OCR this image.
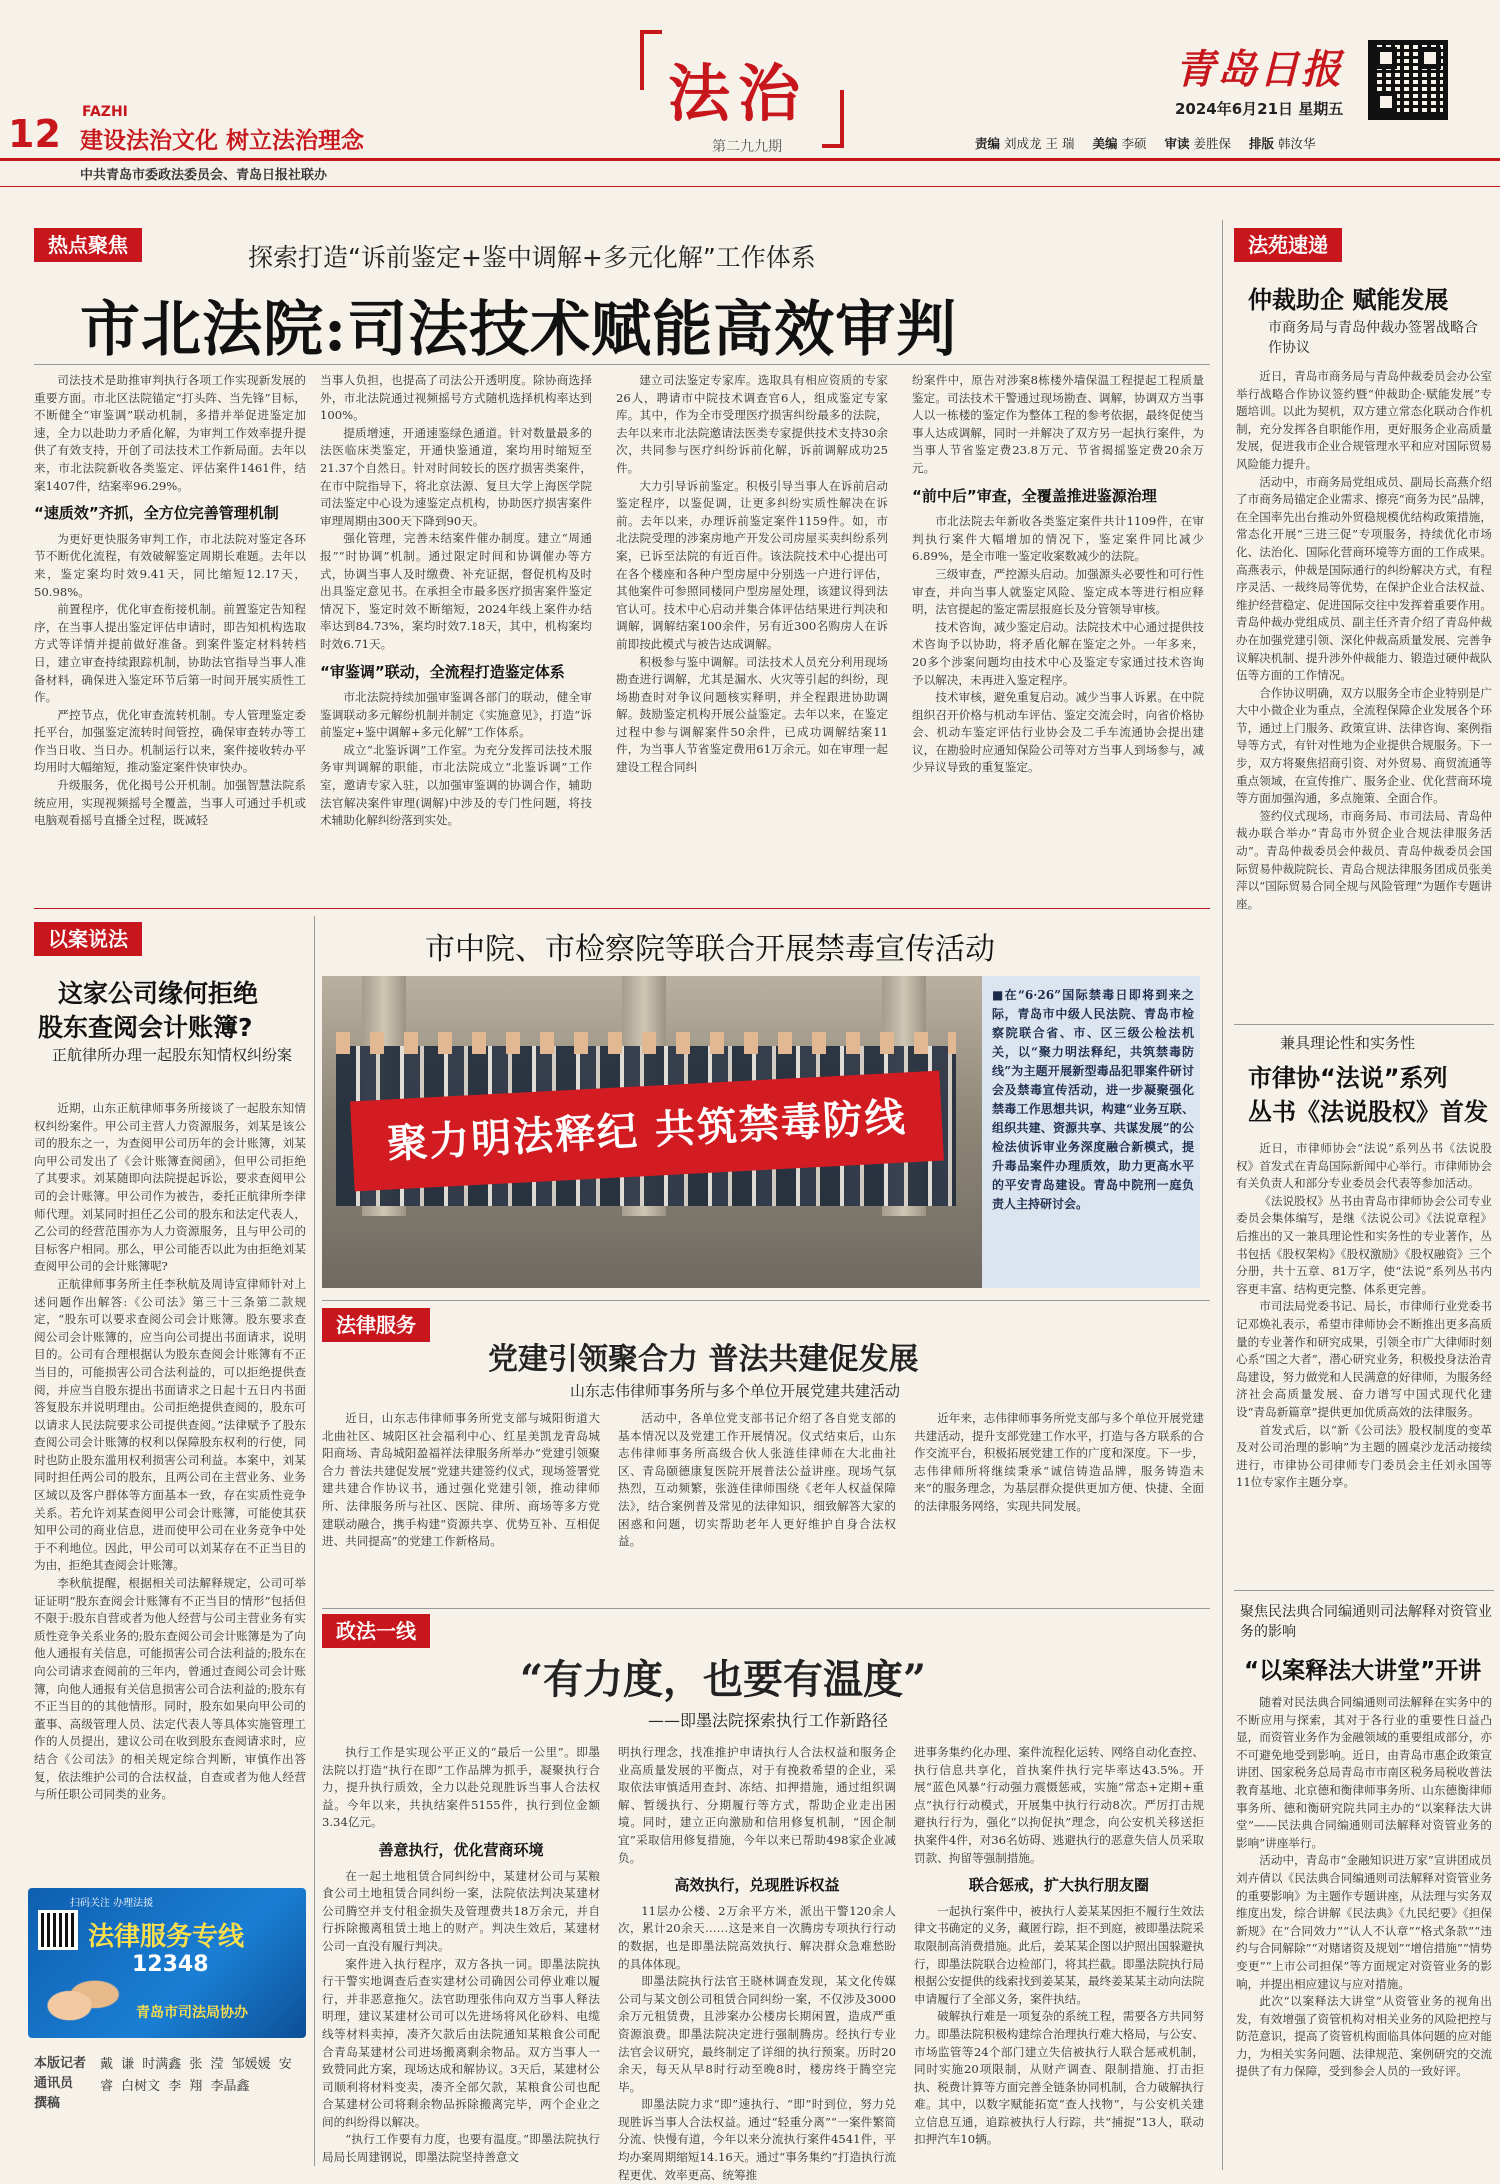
12 FAZHI
建设法治文化 树立法治理念
法治
第二九九期
青岛日报
2024年6月21日 星期五
责编 刘成龙 王 瑞 美编 李硕 审读 姜胜保 排版 韩汝华
中共青岛市委政法委员会、青岛日报社联办
热点聚焦	探索打造“诉前鉴定+鉴中调解+多元化解”工作体系
市北法院:司法技术赋能高效审判

司法技术是助推审判执行各项工作实现新发展的重要方面。市北区法院锚定“打头阵、当先锋”目标，不断健全“审鉴调”联动机制，多措并举促进鉴定加速，全力以赴助力矛盾化解，为审判工作效率提升提供了有效支持，开创了司法技术工作新局面。去年以来，市北法院新收各类鉴定、评估案件1461件，结案1407件，结案率96.29%。

“速质效”齐抓，全方位完善管理机制

为更好更快服务审判工作，市北法院对鉴定各环节不断优化流程，有效破解鉴定周期长难题。去年以来，鉴定案均时效9.41天，同比缩短12.17天，50.98%。

前置程序，优化审查衔接机制。前置鉴定告知程序，在当事人提出鉴定评估申请时，即告知机构选取方式等详情并提前做好准备。到案件鉴定材料转档日，建立审查持续跟踪机制，协助法官指导当事人准备材料，确保进入鉴定环节后第一时间开展实质性工作。

严控节点，优化审查流转机制。专人管理鉴定委托平台，加强鉴定流转时间管控，确保审查转办等工作当日收、当日办。机制运行以来，案件接收转办平均用时大幅缩短，推动鉴定案件快审快办。

升级服务，优化揭号公开机制。加强智慧法院系统应用，实现视频摇号全覆盖，当事人可通过手机或电脑观看摇号直播全过程，既减轻

当事人负担，也提高了司法公开透明度。除协商选择外，市北法院通过视频摇号方式随机选择机构率达到100%。

提质增速，开通速鉴绿色通道。针对数量最多的法医临床类鉴定，开通快鉴通道，案均用时缩短至21.37个自然日。针对时间较长的医疗损害类案件，在市中院指导下，将北京法源、复旦大学上海医学院司法鉴定中心设为速鉴定点机构，协助医疗损害案件审理周期由300天下降到90天。

强化管理，完善未结案件催办制度。建立“周通报”“时协调”机制。通过限定时间和协调催办等方式，协调当事人及时缴费、补充证据，督促机构及时出具鉴定意见书。在承担全市最多医疗损害案件鉴定情况下，鉴定时效不断缩短，2024年线上案件办结率达到84.73%，案均时效7.18天，其中，机构案均时效6.71天。

“审鉴调”联动，全流程打造鉴定体系

市北法院持续加强审鉴调各部门的联动，健全审鉴调联动多元解纷机制并制定《实施意见》，打造“诉前鉴定+鉴中调解+多元化解”工作体系。

成立“北鉴诉调”工作室。为充分发挥司法技术服务审判调解的职能，市北法院成立“北鉴诉调”工作室，邀请专家入驻，以加强审鉴调的协调合作，辅助法官解决案件审理(调解)中涉及的专门性问题，将技术辅助化解纠纷落到实处。

建立司法鉴定专家库。选取具有相应资质的专家26人，聘请市中院技术调查官6人，组成鉴定专家库。其中，作为全市受理医疗损害纠纷最多的法院，去年以来市北法院邀请法医类专家提供技术支持30余次，共同参与医疗纠纷诉前化解，诉前调解成功25件。

大力引导诉前鉴定。积极引导当事人在诉前启动鉴定程序，以鉴促调，让更多纠纷实质性解决在诉前。去年以来，办理诉前鉴定案件1159件。如，市北法院受理的涉案房地产开发公司房屋买卖纠纷系列案，已诉至法院的有近百件。该法院技术中心提出可在各个楼座和各种户型房屋中分别选一户进行评估，其他案件可参照同楼同户型房屋处理，该建议得到法官认可。技术中心启动并集合体评估结果进行判决和调解，调解结案100余件，另有近300名购房人在诉前即按此模式与被告达成调解。

积极参与鉴中调解。司法技术人员充分利用现场勘查进行调解，尤其是漏水、火灾等引起的纠纷，现场勘查时对争议问题核实释明，并全程跟进协助调解。鼓励鉴定机构开展公益鉴定。去年以来，在鉴定过程中参与调解案件50余件，已成功调解结案11件，为当事人节省鉴定费用61万余元。如在审理一起建设工程合同纠

纷案件中，原告对涉案8栋楼外墙保温工程提起工程质量鉴定。司法技术干警通过现场勘查、调解，协调双方当事人以一栋楼的鉴定作为整体工程的参考依据，最终促使当事人达成调解，同时一并解决了双方另一起执行案件，为当事人节省鉴定费23.8万元、节省揭摇鉴定费20余万元。

“前中后”审查，全覆盖推进鉴源治理

市北法院去年新收各类鉴定案件共计1109件，在审判执行案件大幅增加的情况下，鉴定案件同比减少6.89%，是全市唯一鉴定收案数减少的法院。

三级审查，严控源头启动。加强源头必要性和可行性审查，并向当事人就鉴定风险、鉴定成本等进行相应释明，法官提起的鉴定需层报庭长及分管领导审核。

技术咨询，减少鉴定启动。法院技术中心通过提供技术咨询予以协助，将矛盾化解在鉴定之外。一年多来，20多个涉案问题均由技术中心及鉴定专家通过技术咨询予以解决，未再进入鉴定程序。

技术审核，避免重复启动。减少当事人诉累。在中院组织召开价格与机动车评估、鉴定交流会时，向省价格协会、机动车鉴定评估行业协会及二手车流通协会提出建议，在勘验时应通知保险公司等对方当事人到场参与，减少异议导致的重复鉴定。

法苑速递
仲裁助企 赋能发展
市商务局与青岛仲裁办签署战略合作协议

近日，青岛市商务局与青岛仲裁委员会办公室举行战略合作协议签约暨“仲裁助企·赋能发展”专题培训。以此为契机，双方建立常态化联动合作机制，充分发挥各自职能作用，更好服务企业高质量发展，促进我市企业合规管理水平和应对国际贸易风险能力提升。

活动中，市商务局党组成员、副局长高燕介绍了市商务局锚定企业需求、擦亮“商务为民”品牌，在全国率先出台推动外贸稳规模优结构政策措施，常态化开展“三进三促”专项服务，持续优化市场化、法治化、国际化营商环境等方面的工作成果。高燕表示，仲裁是国际通行的纠纷解决方式，有程序灵活、一裁终局等优势，在保护企业合法权益、维护经营稳定、促进国际交往中发挥着重要作用。青岛仲裁办党组成员、副主任齐青介绍了青岛仲裁办在加强党建引领、深化仲裁高质量发展、完善争议解决机制、提升涉外仲裁能力、锻造过硬仲裁队伍等方面的工作情况。

合作协议明确，双方以服务全市企业特别是广大中小微企业为重点，全流程保障企业发展各个环节，通过上门服务、政策宣讲、法律咨询、案例指导等方式，有针对性地为企业提供合规服务。下一步，双方将聚焦招商引资、对外贸易、商贸流通等重点领域，在宣传推广、服务企业、优化营商环境等方面加强沟通，多点施策、全面合作。

签约仪式现场，市商务局、市司法局、青岛仲裁办联合举办“青岛市外贸企业合规法律服务活动”。青岛仲裁委员会仲裁员、青岛仲裁委员会国际贸易仲裁院院长、青岛合规法律服务团成员张美萍以“国际贸易合同全规与风险管理”为题作专题讲座。

兼具理论性和实务性
市律协“法说”系列
丛书《法说股权》首发

近日，市律师协会“法说”系列丛书《法说股权》首发式在青岛国际新闻中心举行。市律师协会有关负责人和部分专业委员会代表等参加活动。

《法说股权》丛书由青岛市律师协会公司专业委员会集体编写，是继《法说公司》《法说章程》后推出的又一兼具理论性和实务性的专业著作，丛书包括《股权架构》《股权激励》《股权融资》三个分册，共十五章、81万字，使“法说”系列丛书内容更丰富、结构更完整、体系更完善。

市司法局党委书记、局长，市律师行业党委书记邓焕礼表示，希望市律师协会不断推出更多高质量的专业著作和研究成果，引领全市广大律师时刻心系“国之大者”，潜心研究业务，积极投身法治青岛建设，努力做党和人民满意的好律师，为服务经济社会高质量发展、奋力谱写中国式现代化建设“青岛新篇章”提供更加优质高效的法律服务。

首发式后，以“新《公司法》股权制度的变革及对公司治理的影响”为主题的圆桌沙龙活动接续进行，市律协公司律师专门委员会主任刘永国等11位专家作主题分享。

聚焦民法典合同编通则司法解释对资管业务的影响
“以案释法大讲堂”开讲

随着对民法典合同编通则司法解释在实务中的不断应用与探索，其对于各行业的重要性日益凸显，而资管业务作为金融领域的重要组成部分，亦不可避免地受到影响。近日，由青岛市惠企政策宣讲团、国家税务总局青岛市市南区税务局税收普法教育基地、北京德和衡律师事务所、山东德衡律师事务所、德和衡研究院共同主办的“以案释法大讲堂”——民法典合同编通则司法解释对资管业务的影响”讲座举行。

活动中，青岛市“金融知识进万家”宣讲团成员刘卉倩以《民法典合同编通则司法解释对资管业务的重要影响》为主题作专题讲座，从法理与实务双维度出发，综合讲解《民法典》《九民纪要》《担保新规》在“合同效力”“认人不认章”“格式条款”“违约与合同解除”“对赌诸资及规划”“增信措施”“情势变更”“上市公司担保”等方面规定对资管业务的影响，并提出相应建议与应对措施。

此次“以案释法大讲堂”从资管业务的视角出发，有效增强了资管机构对相关业务的风险把控与防范意识，提高了资管机构面临具体问题的应对能力，为相关实务问题、法律规范、案例研究的交流提供了有力保障，受到参会人员的一致好评。

以案说法
这家公司缘何拒绝
股东查阅会计账簿?
正航律所办理一起股东知情权纠纷案

近期，山东正航律师事务所接谈了一起股东知情权纠纷案件。甲公司主营人力资源服务，刘某是该公司的股东之一，为查阅甲公司历年的会计账簿，刘某向甲公司发出了《会计账簿查阅函》，但甲公司拒绝了其要求。刘某随即向法院提起诉讼，要求查阅甲公司的会计账簿。甲公司作为被告，委托正航律所李律师代理。刘某同时担任乙公司的股东和法定代表人，乙公司的经营范围亦为人力资源服务，且与甲公司的目标客户相同。那么，甲公司能否以此为由拒绝刘某查阅甲公司的会计账簿呢?

正航律师事务所主任李秋航及周诗宣律师针对上述问题作出解答:《公司法》第三十三条第二款规定，“股东可以要求查阅公司会计账簿。股东要求查阅公司会计账簿的，应当向公司提出书面请求，说明目的。公司有合理根据认为股东查阅会计账簿有不正当目的，可能损害公司合法利益的，可以拒绝提供查阅，并应当自股东提出书面请求之日起十五日内书面答复股东并说明理由。公司拒绝提供查阅的，股东可以请求人民法院要求公司提供查阅。”法律赋予了股东查阅公司会计账簿的权利以保障股东权利的行使，同时也防止股东滥用权利损害公司利益。本案中，刘某同时担任两公司的股东，且两公司在主营业务、业务区域以及客户群体等方面基本一致，存在实质性竞争关系。若允许刘某查阅甲公司会计账簿，可能使其获知甲公司的商业信息，进而使甲公司在业务竞争中处于不利地位。因此，甲公司可以刘某存在不正当目的为由，拒绝其查阅会计账簿。

李秋航提醒，根据相关司法解释规定，公司可举证证明“股东查阅会计账簿有不正当目的情形”包括但不限于:股东自营或者为他人经营与公司主营业务有实质性竞争关系业务的;股东查阅公司会计账簿是为了向他人通报有关信息，可能损害公司合法利益的;股东在向公司请求查阅前的三年内，曾通过查阅公司会计账簿，向他人通报有关信息损害公司合法利益的;股东有不正当目的的其他情形。同时，股东如果向甲公司的董事、高级管理人员、法定代表人等具体实施管理工作的人员提出，建议公司在收到股东查阅请求时，应结合《公司法》的相关规定综合判断，审慎作出答复，依法维护公司的合法权益，自查或者为他人经营与所任职公司同类的业务。

扫码关注 办理法援
法律服务专线
12348
青岛市司法局协办
本版记者 通讯员 撰稿
戴 谦 时满鑫 张 滢 邹媛媛 安 睿 白树文 李 翔 李晶鑫
市中院、市检察院等联合开展禁毒宣传活动
聚力明法释纪 共筑禁毒防线
■在“6·26”国际禁毒日即将到来之际，青岛市中级人民法院、青岛市检察院联合省、市、区三级公检法机关，以“聚力明法释纪，共筑禁毒防线”为主题开展新型毒品犯罪案件研讨会及禁毒宣传活动，进一步凝聚强化禁毒工作思想共识，构建“业务互联、组织共建、资源共享、共谋发展”的公检法侦诉审业务深度融合新模式，提升毒品案件办理质效，助力更高水平的平安青岛建设。青岛中院刑一庭负责人主持研讨会。
法律服务
党建引领聚合力 普法共建促发展
山东志伟律师事务所与多个单位开展党建共建活动

近日，山东志伟律师事务所党支部与城阳街道大北曲社区、城阳区社会福利中心、红星美凯龙青岛城阳商场、青岛城阳盈福祥法律服务所举办“党建引领聚合力 普法共建促发展”党建共建签约仪式，现场签署党建共建合作协议书，通过强化党建引领，推动律师所、法律服务所与社区、医院、律所、商场等多方党建联动融合，携手构建“资源共享、优势互补、互相促进、共同提高”的党建工作新格局。

活动中，各单位党支部书记介绍了各自党支部的基本情况以及党建工作开展情况。仪式结束后，山东志伟律师事务所高级合伙人张涟佳律师在大北曲社区、青岛颐德康复医院开展普法公益讲座。现场气氛热烈，互动频繁，张涟佳律师围绕《老年人权益保障法》，结合案例普及常见的法律知识，细致解答大家的困惑和问题，切实帮助老年人更好维护自身合法权益。

近年来，志伟律师事务所党支部与多个单位开展党建共建活动，提升支部党建工作水平，打造与各方联系的合作交流平台，积极拓展党建工作的广度和深度。下一步，志伟律师所将继续秉承“诚信铸造品牌，服务铸造未来”的服务理念，为基层群众提供更加方便、快捷、全面的法律服务网络，实现共同发展。

政法一线
“有力度，也要有温度”
——即墨法院探索执行工作新路径

执行工作是实现公平正义的“最后一公里”。即墨法院以打造“执行在即”工作品牌为抓手，凝聚执行合力，提升执行质效，全力以赴兑现胜诉当事人合法权益。今年以来，共执结案件5155件，执行到位金额3.34亿元。

善意执行，优化营商环境

在一起土地租赁合同纠纷中，某建材公司与某粮食公司土地租赁合同纠纷一案，法院依法判决某建材公司腾空并支付租金损失及管理费共18万余元，并自行拆除搬离租赁土地上的财产。判决生效后，某建材公司一直没有履行判决。

案件进入执行程序，双方各执一词。即墨法院执行干警实地调查后查实建材公司确因公司停业难以履行，并非恶意拖欠。法官助理张伟向双方当事人释法明理，建议某建材公司可以先进场将风化砂料、电缆线等材料卖掉，凑齐欠款后由法院通知某粮食公司配合青岛某建材公司进场搬离剩余物品。双方当事人一致赞同此方案，现场达成和解协议。3天后，某建材公司顺利将材料变卖，凑齐全部欠款，某粮食公司也配合某建材公司将剩余物品拆除搬离完毕，两个企业之间的纠纷得以解决。

“执行工作要有力度，也要有温度。”即墨法院执行局局长周建钢说，即墨法院坚持善意文

明执行理念，找准推护申请执行人合法权益和服务企业高质量发展的平衡点，对于有挽救希望的企业，采取依法审慎适用查封、冻结、扣押措施，通过组织调解、暂缓执行、分期履行等方式，帮助企业走出困境。同时，建立正向激励和信用修复机制，“因企制宜”采取信用修复措施，今年以来已帮助498家企业减负。

高效执行，兑现胜诉权益

11层办公楼、2万余平方米，派出干警120余人次，累计20余天……这是来自一次腾房专项执行行动的数据，也是即墨法院高效执行、解决群众急难愁盼的具体体现。

即墨法院执行法官王晓林调查发现，某文化传媒公司与某文创公司租赁合同纠纷一案，不仅涉及3000余万元租赁费，且涉案办公楼房长期闲置，造成严重资源浪费。即墨法院决定进行强制腾房。经执行专业法官会议研究，最终制定了详细的执行预案。历时20余天，每天从早8时行动至晚8时，楼房终于腾空完毕。

即墨法院力求“即”速执行、“即”时到位，努力兑现胜诉当事人合法权益。通过“轻重分离”“一案件繁简分流、快慢有道，今年以来分流执行案件4541件，平均办案周期缩短14.16天。通过“事务集约”打造执行流程更优、效率更高、统筹推

进事务集约化办理、案件流程化运转、网络自动化查控、执行信息共享化，首执案件执行完毕率达43.5%。开展“蓝色风暴”行动强力震慑惩戒，实施“常态+定期+重点”执行行动模式，开展集中执行行动8次。严厉打击规避执行行为，强化“以拘促执”理念，向公安机关移送拒执案件4件，对36名妨碍、逃避执行的恶意失信人员采取罚款、拘留等强制措施。

联合惩戒，扩大执行朋友圈

一起执行案件中，被执行人姜某某因拒不履行生效法律文书确定的义务，藏匿行踪，拒不到庭，被即墨法院采取限制高消费措施。此后，姜某某企图以护照出国躲避执行，即墨法院联合边检部门，将其拦截。即墨法院执行局根据公安提供的线索找到姜某某，最终姜某某主动向法院申请履行了全部义务，案件执结。

破解执行难是一项复杂的系统工程，需要各方共同努力。即墨法院积极构建综合治理执行难大格局，与公安、市场监管等24个部门建立失信被执行人联合惩戒机制，同时实施20项限制，从财产调查、限制措施、打击拒执、税费计算等方面完善全链条协同机制，合力破解执行难。其中，以数字赋能拓宽“查人找物”，与公安机关建立信息互通，追踪被执行人行踪，共“捕捉”13人，联动扣押汽车10辆。
